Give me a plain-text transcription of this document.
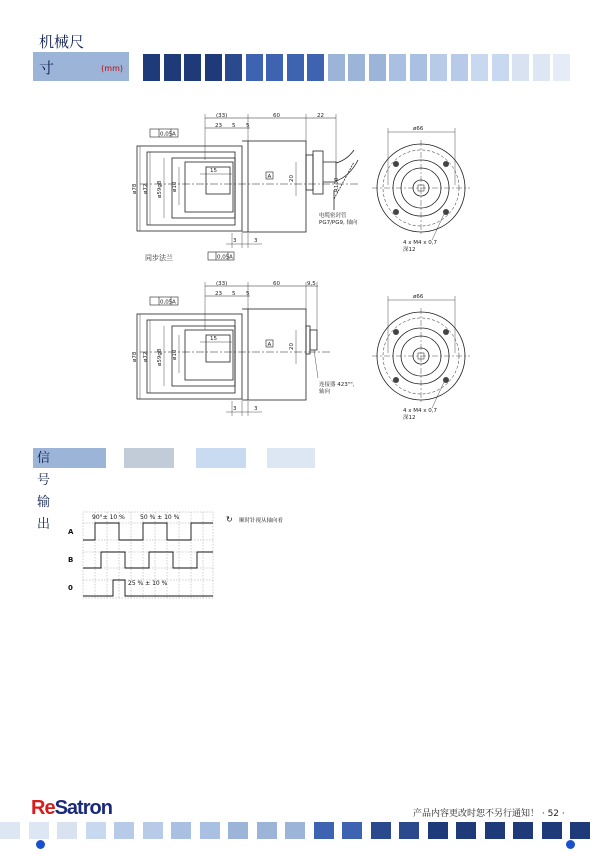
机械尺寸	(mm)
(33)	60	22
23 5 5
0,05 A
0,05 A
A
15
ø78 ø72 ø59g8 ø10
20	R100
3	3
电缆密封管
PG7/PG9, 轴向
ø66
4 x M4 x 0,7
深12
同步法兰
(33)	60	9,5
23 5 5
0,05 A
A
15
ø78 ø72 ø59g8 ø10
20
3	3
连接器 423"",
轴向
ø66
4 x M4 x 0,7
深12
90°± 10 %	50 % ± 10 %
25 % ± 10 %
↻ 顺时针视从轴向看
A
B
0
信号输出
ReSatron	产品内容更改时恕不另行通知！ · 52 ·
